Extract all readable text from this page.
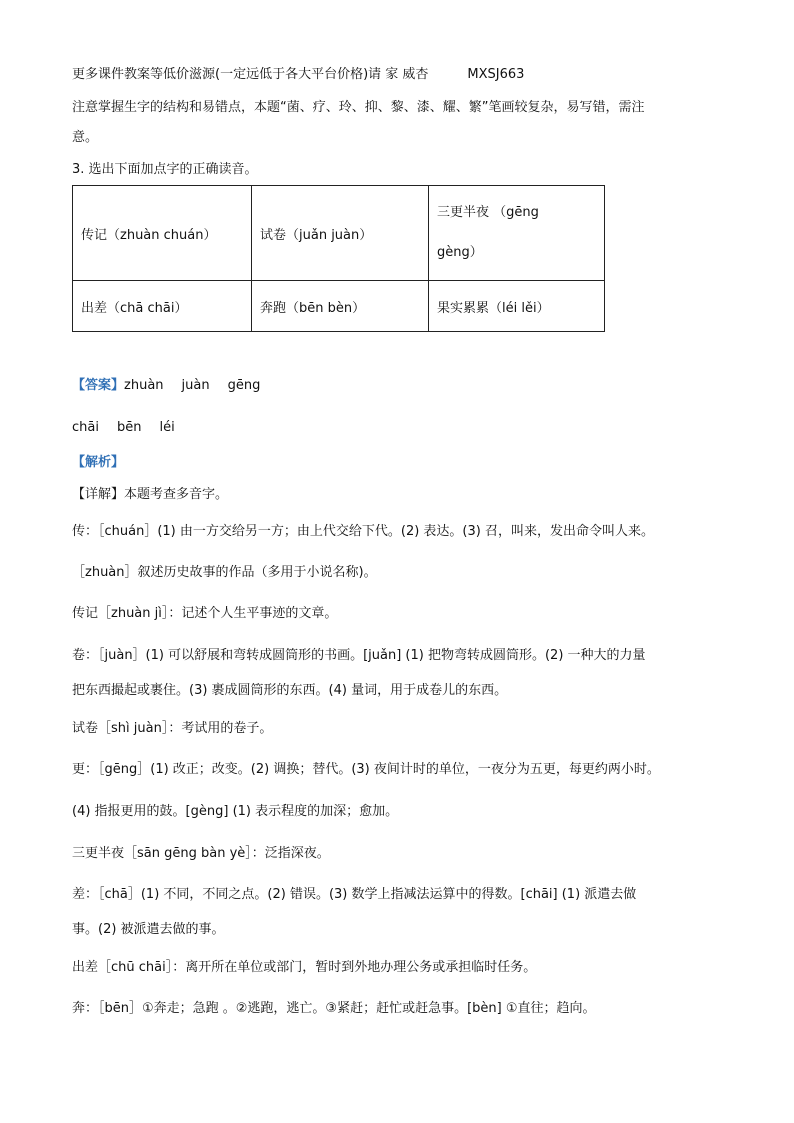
更多课件教案等低价滋源(一定远低于各大平台价格)请 家 威杏　　　MXSJ663
注意掌握生字的结构和易错点，本题“菌、疗、玲、抑、黎、漆、耀、繁”笔画较复杂，易写错，需注
意。
3. 选出下面加点字的正确读音。
传记（zhuàn chuán）	试卷（juǎn juàn）	三更半夜 （gēng
gèng）

出差（chā chāi）	奔跑（bēn bèn）	果实累累（léi lěi）
【答案】zhuàn juàn gēng
chāi bēn léi
【解析】
【详解】本题考查多音字。
传：［chuán］(1) 由一方交给另一方；由上代交给下代。(2) 表达。(3) 召，叫来，发出命令叫人来。
［zhuàn］叙述历史故事的作品（多用于小说名称)。
传记［zhuàn jì］：记述个人生平事迹的文章。
卷：［juàn］(1) 可以舒展和弯转成圆筒形的书画。[juǎn] (1) 把物弯转成圆筒形。(2) 一种大的力量
把东西撮起或裹住。(3) 裹成圆筒形的东西。(4) 量词，用于成卷儿的东西。
试卷［shì juàn］：考试用的卷子。
更：［gēng］(1) 改正；改变。(2) 调换；替代。(3) 夜间计时的单位，一夜分为五更，每更约两小时。
(4) 指报更用的鼓。[gèng] (1) 表示程度的加深；愈加。
三更半夜［sān gēng bàn yè］：泛指深夜。
差：［chā］(1) 不同，不同之点。(2) 错误。(3) 数学上指减法运算中的得数。[chāi] (1) 派遣去做
事。(2) 被派遣去做的事。
出差［chū chāi］：离开所在单位或部门，暂时到外地办理公务或承担临时任务。
奔：［bēn］①奔走；急跑 。②逃跑，逃亡。③紧赶；赶忙或赶急事。[bèn] ①直往；趋向。
